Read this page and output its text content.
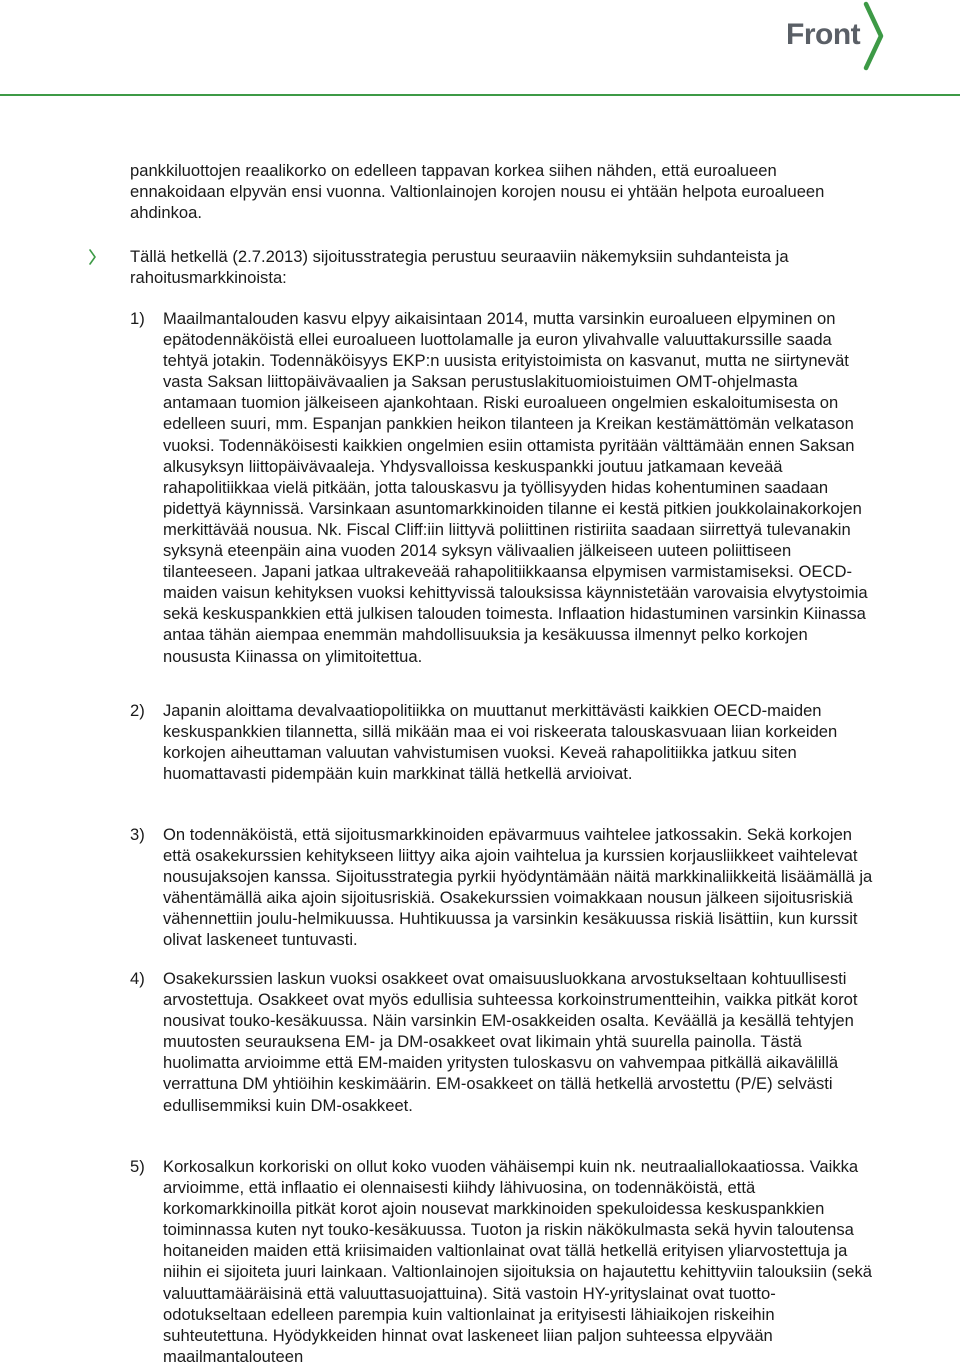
Front

pankkiluottojen reaalikorko on edelleen tappavan korkea siihen nähden, että euroalueen ennakoidaan elpyvän ensi vuonna. Valtionlainojen korojen nousu ei yhtään helpota euroalueen ahdinkoa.

Tällä hetkellä (2.7.2013) sijoitusstrategia perustuu seuraaviin näkemyksiin suhdanteista ja rahoitusmarkkinoista:

1)	Maailmantalouden kasvu elpyy aikaisintaan 2014, mutta varsinkin euroalueen elpyminen on epätodennäköistä ellei euroalueen luottolamalle ja euron ylivahvalle valuuttakurssille saada tehtyä jotakin. Todennäköisyys EKP:n uusista erityistoimista on kasvanut, mutta ne siirtynevät vasta Saksan liittopäivävaalien ja Saksan perustuslakituomioistuimen OMT-ohjelmasta antamaan tuomion jälkeiseen ajankohtaan. Riski euroalueen ongelmien eskaloitumisesta on edelleen suuri, mm. Espanjan pankkien heikon tilanteen ja Kreikan kestämättömän velkatason vuoksi. Todennäköisesti kaikkien ongelmien esiin ottamista pyritään välttämään ennen Saksan alkusyksyn liittopäivävaaleja. Yhdysvalloissa keskuspankki joutuu jatkamaan keveää rahapolitiikkaa vielä pitkään, jotta talouskasvu ja työllisyyden hidas kohentuminen saadaan pidettyä käynnissä. Varsinkaan asuntomarkkinoiden tilanne ei kestä pitkien joukkolainakorkojen merkittävää nousua. Nk. Fiscal Cliff:iin liittyvä poliittinen ristiriita saadaan siirrettyä tulevanakin syksynä eteenpäin aina vuoden 2014 syksyn välivaalien jälkeiseen uuteen poliittiseen tilanteeseen. Japani jatkaa ultrakeveää rahapolitiikkaansa elpymisen varmistamiseksi. OECD-maiden vaisun kehityksen vuoksi kehittyvissä talouksissa käynnistetään varovaisia elvytystoimia sekä keskuspankkien että julkisen talouden toimesta. Inflaation hidastuminen varsinkin Kiinassa antaa tähän aiempaa enemmän mahdollisuuksia ja kesäkuussa ilmennyt pelko korkojen noususta Kiinassa on ylimitoitettua.

2)	Japanin aloittama devalvaatiopolitiikka on muuttanut merkittävästi kaikkien OECD-maiden keskuspankkien tilannetta, sillä mikään maa ei voi riskeerata talouskasvuaan liian korkeiden korkojen aiheuttaman valuutan vahvistumisen vuoksi. Keveä rahapolitiikka jatkuu siten huomattavasti pidempään kuin markkinat tällä hetkellä arvioivat.

3)	On todennäköistä, että sijoitusmarkkinoiden epävarmuus vaihtelee jatkossakin. Sekä korkojen että osakekurssien kehitykseen liittyy aika ajoin vaihtelua ja kurssien korjausliikkeet vaihtelevat nousujaksojen kanssa. Sijoitusstrategia pyrkii hyödyntämään näitä markkinaliikkeitä lisäämällä ja vähentämällä aika ajoin sijoitusriskiä. Osakekurssien voimakkaan nousun jälkeen sijoitusriskiä vähennettiin joulu-helmikuussa. Huhtikuussa ja varsinkin kesäkuussa riskiä lisättiin, kun kurssit olivat laskeneet tuntuvasti.

4)	Osakekurssien laskun vuoksi osakkeet ovat omaisuusluokkana arvostukseltaan kohtuullisesti arvostettuja. Osakkeet ovat myös edullisia suhteessa korkoinstrumentteihin, vaikka pitkät korot nousivat touko-kesäkuussa. Näin varsinkin EM-osakkeiden osalta. Keväällä ja kesällä tehtyjen muutosten seurauksena EM- ja DM-osakkeet ovat likimain yhtä suurella painolla. Tästä huolimatta arvioimme että EM-maiden yritysten tuloskasvu on vahvempaa pitkällä aikavälillä verrattuna DM yhtiöihin keskimäärin. EM-osakkeet on tällä hetkellä arvostettu (P/E) selvästi edullisemmiksi kuin DM-osakkeet.

5)	Korkosalkun korkoriski on ollut koko vuoden vähäisempi kuin nk. neutraaliallokaatiossa. Vaikka arvioimme, että inflaatio ei olennaisesti kiihdy lähivuosina, on todennäköistä, että korkomarkkinoilla pitkät korot ajoin nousevat markkinoiden spekuloidessa keskuspankkien toiminnassa kuten nyt touko-kesäkuussa. Tuoton ja riskin näkökulmasta sekä hyvin taloutensa hoitaneiden maiden että kriisimaiden valtionlainat ovat tällä hetkellä erityisen yliarvostettuja ja niihin ei sijoiteta juuri lainkaan. Valtionlainojen sijoituksia on hajautettu kehittyviin talouksiin (sekä valuuttamääräisinä että valuuttasuojattuina). Sitä vastoin HY-yrityslainat ovat tuotto-odotukseltaan edelleen parempia kuin valtionlainat ja erityisesti lähiaikojen riskeihin suhteutettuna. Hyödykkeiden hinnat ovat laskeneet liian paljon suhteessa elpyvään maailmantalouteen
